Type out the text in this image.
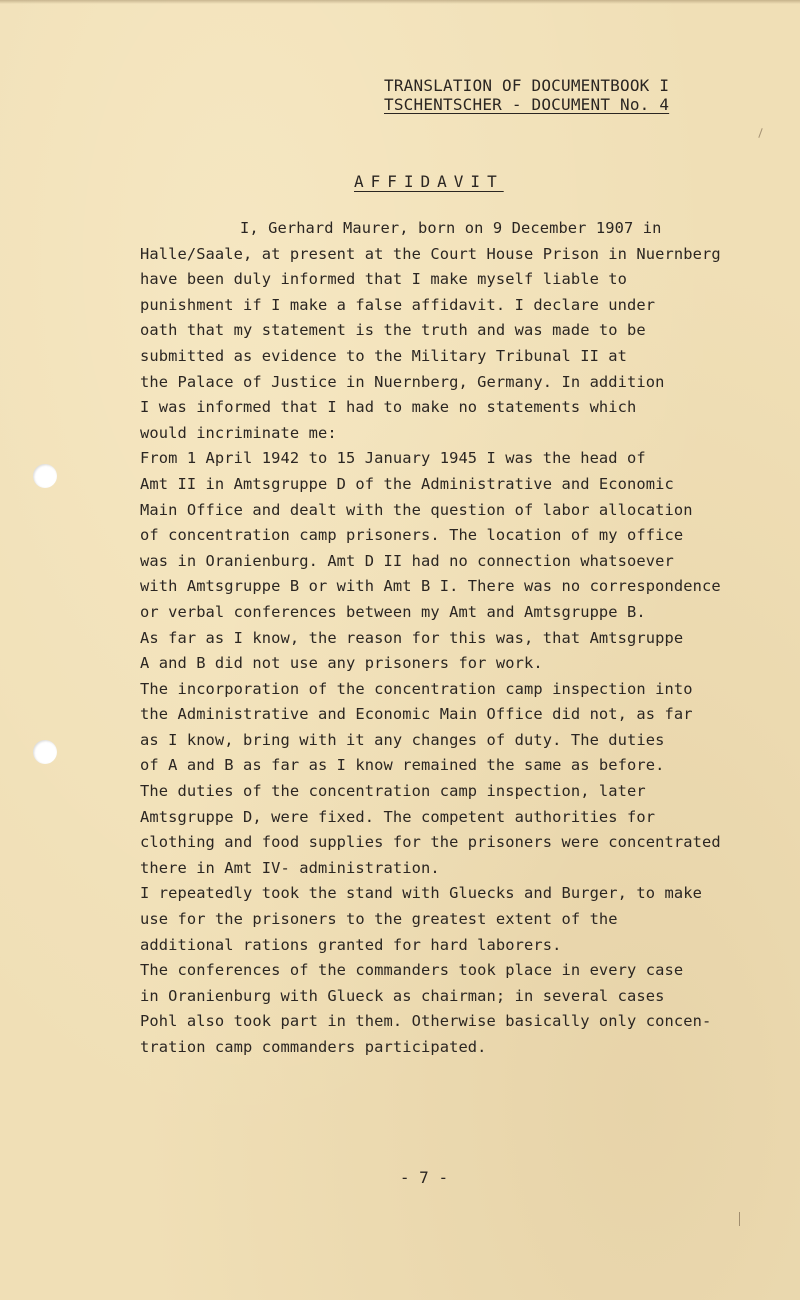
TRANSLATION OF DOCUMENTBOOK I
TSCHENTSCHER - DOCUMENT No. 4
AFFIDAVIT
I, Gerhard Maurer, born on 9 December 1907 in
Halle/Saale, at present at the Court House Prison in Nuernberg
have been duly informed that I make myself liable to
punishment if I make a false affidavit. I declare under
oath that my statement is the truth and was made to be
submitted as evidence to the Military Tribunal II at
the Palace of Justice in Nuernberg, Germany. In addition
I was informed that I had to make no statements which
would incriminate me:
From 1 April 1942 to 15 January 1945 I was the head of
Amt II in Amtsgruppe D of the Administrative and Economic
Main Office and dealt with the question of labor allocation
of concentration camp prisoners. The location of my office
was in Oranienburg. Amt D II had no connection whatsoever
with Amtsgruppe B or with Amt B I. There was no correspondence
or verbal conferences between my Amt and Amtsgruppe B.
As far as I know, the reason for this was, that Amtsgruppe
A and B did not use any prisoners for work.
The incorporation of the concentration camp inspection into
the Administrative and Economic Main Office did not, as far
as I know, bring with it any changes of duty. The duties
of A and B as far as I know remained the same as before.
The duties of the concentration camp inspection, later
Amtsgruppe D, were fixed. The competent authorities for
clothing and food supplies for the prisoners were concentrated
there in Amt IV- administration.
I repeatedly took the stand with Gluecks and Burger, to make
use for the prisoners to the greatest extent of the
additional rations granted for hard laborers.
The conferences of the commanders took place in every case
in Oranienburg with Glueck as chairman; in several cases
Pohl also took part in them. Otherwise basically only concen-
tration camp commanders participated.
- 7 -
